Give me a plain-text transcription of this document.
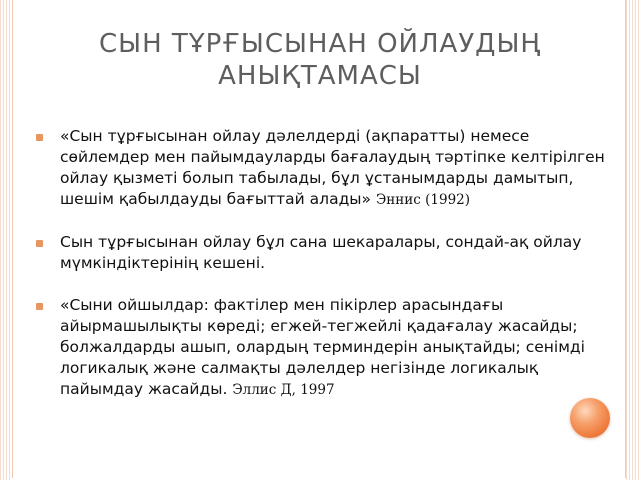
СЫН ТҰРҒЫСЫНАН ОЙЛАУДЫҢ АНЫҚТАМАСЫ
«Сын тұрғысынан ойлау дәлелдерді (ақпаратты) немесе сөйлемдер мен пайымдауларды бағалаудың тәртіпке келтірілген ойлау қызметі болып табылады, бұл ұстанымдарды дамытып, шешім қабылдауды бағыттай алады» Эннис (1992)
Сын тұрғысынан ойлау бұл сана шекаралары, сондай-ақ ойлау мүмкіндіктерінің кешені.
«Сыни ойшылдар: фактілер мен пікірлер арасындағы айырмашылықты көреді; егжей-тегжейлі қадағалау жасайды; болжалдарды ашып, олардың терминдерін анықтайды; сенімді логикалық және салмақты дәлелдер негізінде логикалық пайымдау жасайды. Эллис Д, 1997
